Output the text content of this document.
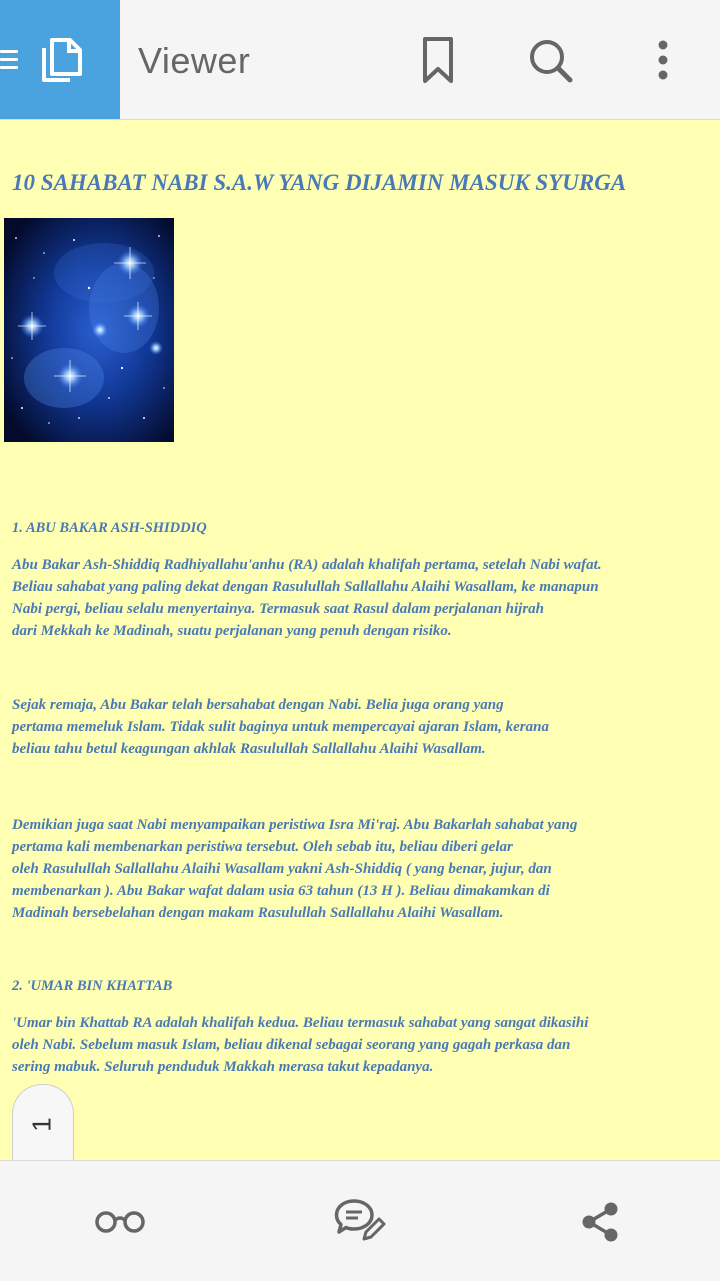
Viewer
10 SAHABAT NABI S.A.W YANG DIJAMIN MASUK SYURGA

1. ABU BAKAR ASH-SHIDDIQ

Abu Bakar Ash-Shiddiq Radhiyallahu'anhu (RA) adalah khalifah pertama, setelah Nabi wafat.
Beliau sahabat yang paling dekat dengan Rasulullah Sallallahu Alaihi Wasallam, ke manapun
Nabi pergi, beliau selalu menyertainya. Termasuk saat Rasul dalam perjalanan hijrah
dari Mekkah ke Madinah, suatu perjalanan yang penuh dengan risiko.

Sejak remaja, Abu Bakar telah bersahabat dengan Nabi. Belia juga orang yang
pertama memeluk Islam. Tidak sulit baginya untuk mempercayai ajaran Islam, kerana
beliau tahu betul keagungan akhlak Rasulullah Sallallahu Alaihi Wasallam.

Demikian juga saat Nabi menyampaikan peristiwa Isra Mi'raj. Abu Bakarlah sahabat yang
pertama kali membenarkan peristiwa tersebut. Oleh sebab itu, beliau diberi gelar
oleh Rasulullah Sallallahu Alaihi Wasallam yakni Ash-Shiddiq ( yang benar, jujur, dan
membenarkan ). Abu Bakar wafat dalam usia 63 tahun (13 H ). Beliau dimakamkan di
Madinah bersebelahan dengan makam Rasulullah Sallallahu Alaihi Wasallam.

2. 'UMAR BIN KHATTAB

'Umar bin Khattab RA adalah khalifah kedua. Beliau termasuk sahabat yang sangat dikasihi
oleh Nabi. Sebelum masuk Islam, beliau dikenal sebagai seorang yang gagah perkasa dan
sering mabuk. Seluruh penduduk Makkah merasa takut kepadanya.

1
